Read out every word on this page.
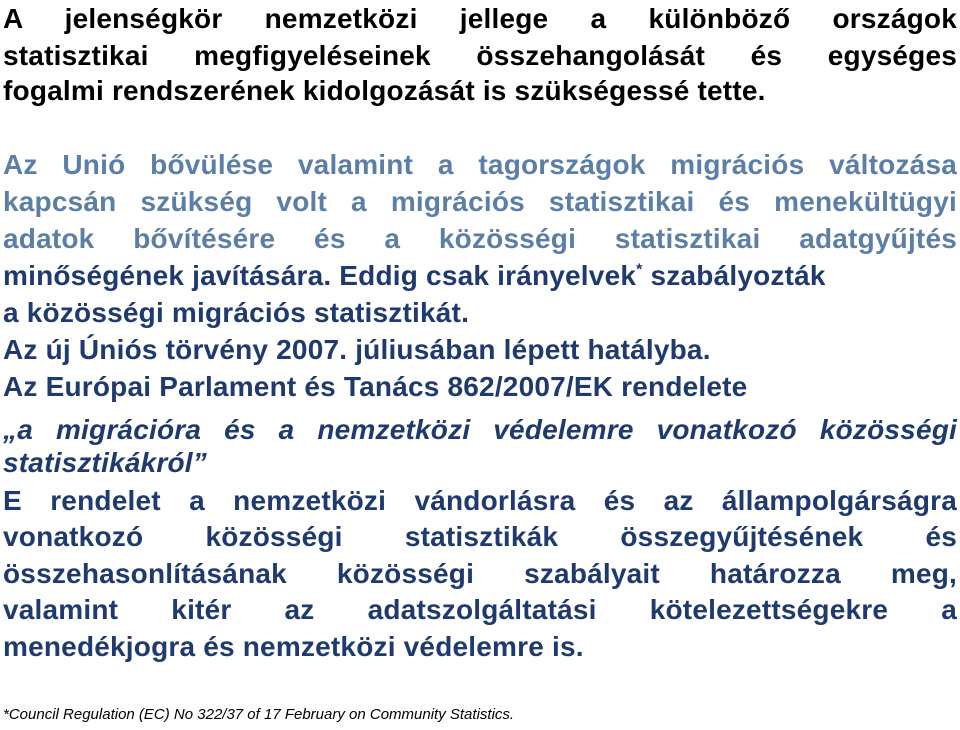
A jelenségkör nemzetközi jellege a különböző országok
statisztikai megfigyeléseinek összehangolását és egységes
fogalmi rendszerének kidolgozását is szükségessé tette.
Az Unió bővülése valamint a tagországok migrációs változása
kapcsán szükség volt a migrációs statisztikai és menekültügyi
adatok bővítésére és a közösségi statisztikai adatgyűjtés
minőségének javítására. Eddig csak irányelvek* szabályozták
a közösségi migrációs statisztikát.
Az új Úniós törvény 2007. júliusában lépett hatályba.
Az Európai Parlament és Tanács 862/2007/EK rendelete
„a migrációra és a nemzetközi védelemre vonatkozó közösségi
statisztikákról”
E rendelet a nemzetközi vándorlásra és az állampolgárságra
vonatkozó közösségi statisztikák összegyűjtésének és
összehasonlításának közösségi szabályait határozza meg,
valamint kitér az adatszolgáltatási kötelezettségekre a
menedékjogra és nemzetközi védelemre is.
*Council Regulation (EC) No 322/37 of 17 February on Community Statistics.
